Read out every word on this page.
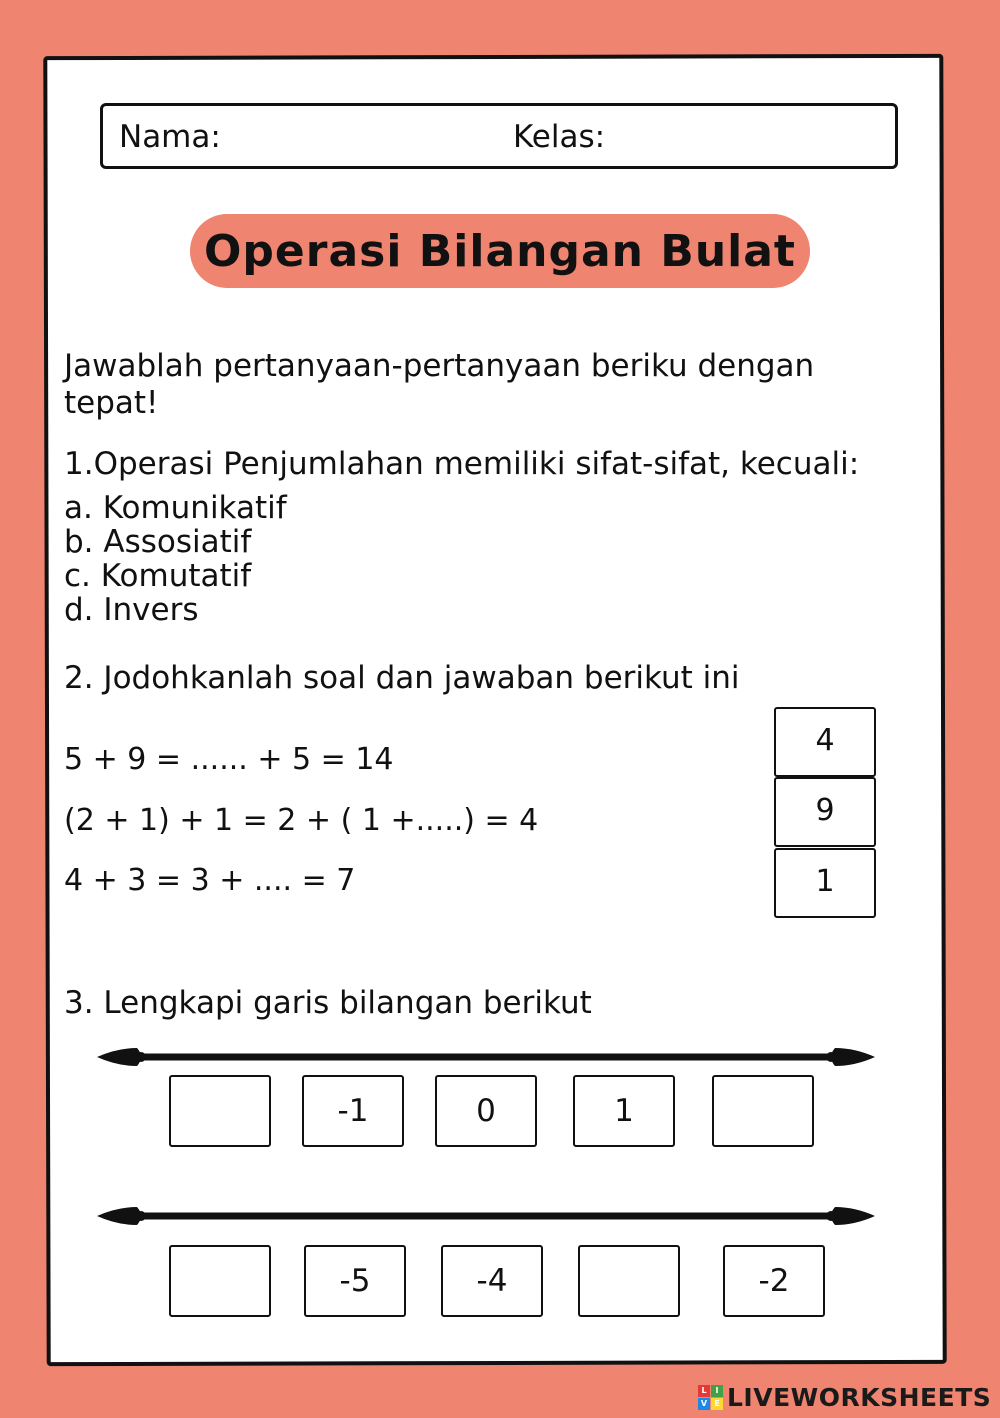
Nama:	Kelas:
Operasi Bilangan Bulat
Jawablah pertanyaan-pertanyaan beriku dengan
tepat!
1.Operasi Penjumlahan memiliki sifat-sifat, kecuali:
a. Komunikatif
b. Assosiatif
c. Komutatif
d. Invers
2. Jodohkanlah soal dan jawaban berikut ini
5 + 9 = ...... + 5 = 14
(2 + 1) + 1 = 2 + ( 1 +.....) = 4
4 + 3 = 3 + .... = 7
4
9
1
3. Lengkapi garis bilangan berikut
-1	0	1
-5	-4	-2
L	I
V E LIVEWORKSHEETS
